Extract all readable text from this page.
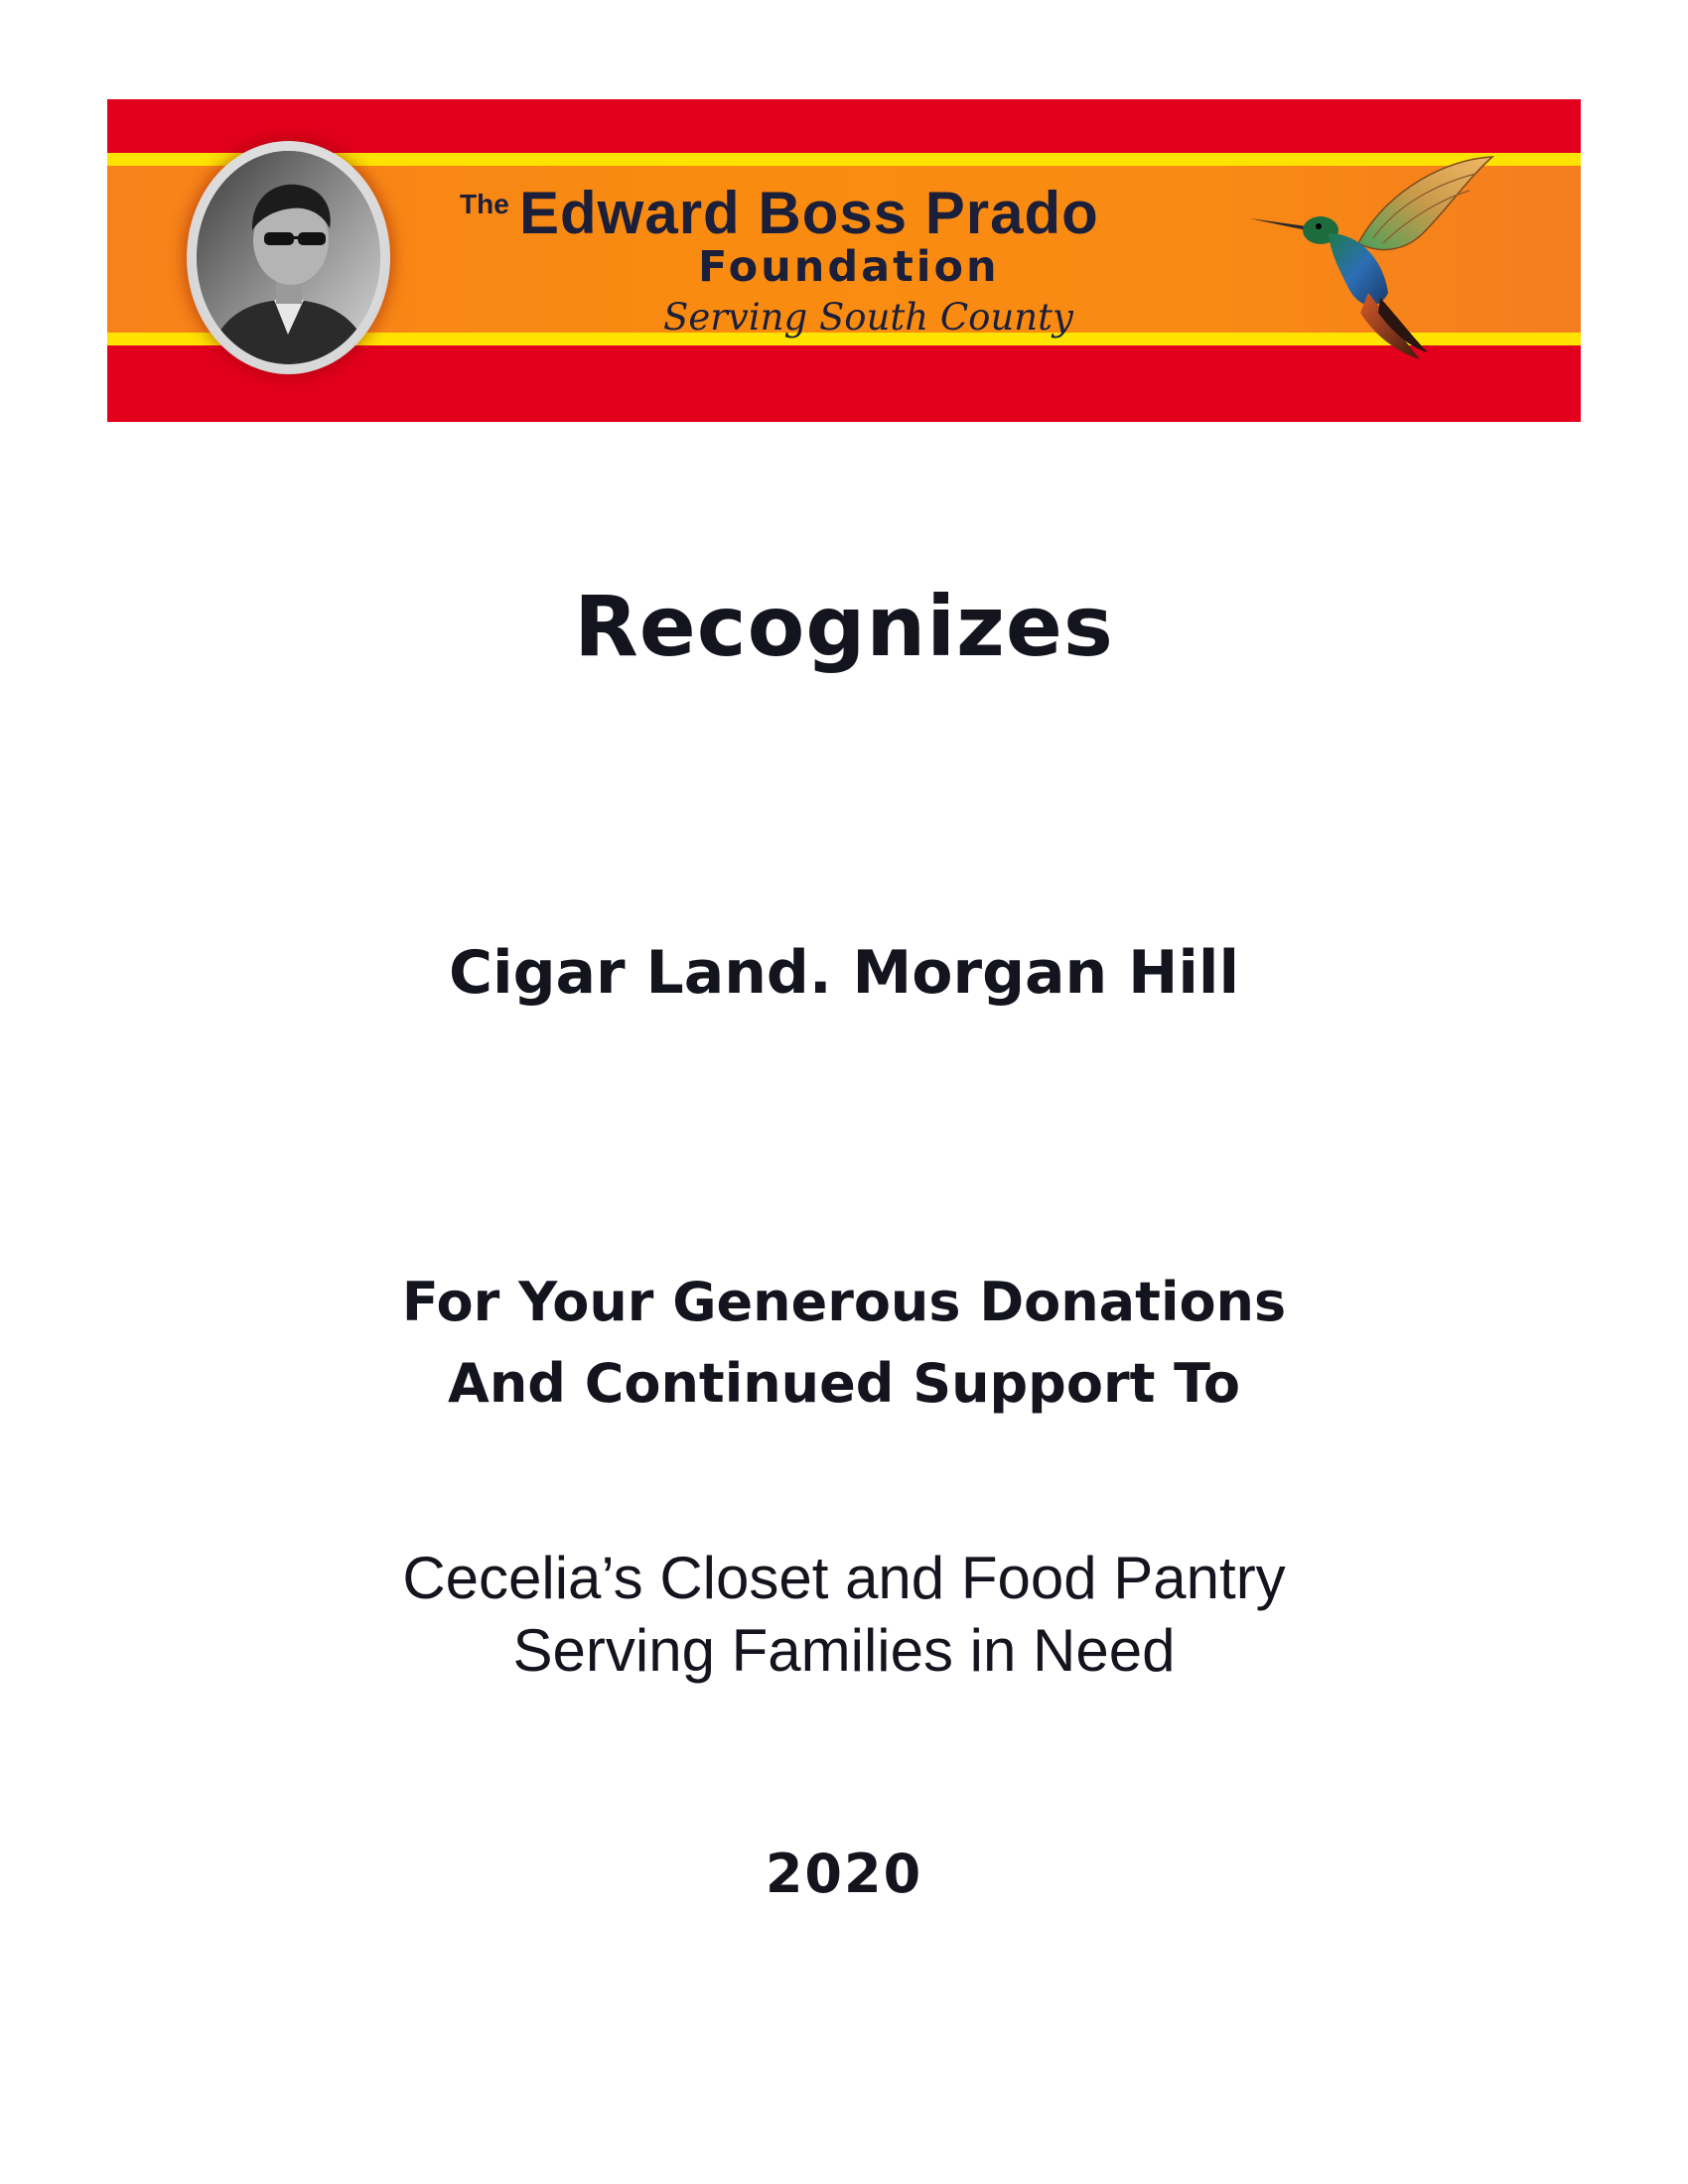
The Edward Boss Prado
Foundation
Serving South County
Recognizes
Cigar Land. Morgan Hill
For Your Generous Donations
And Continued Support To
Cecelia’s Closet and Food Pantry
Serving Families in Need
2020
